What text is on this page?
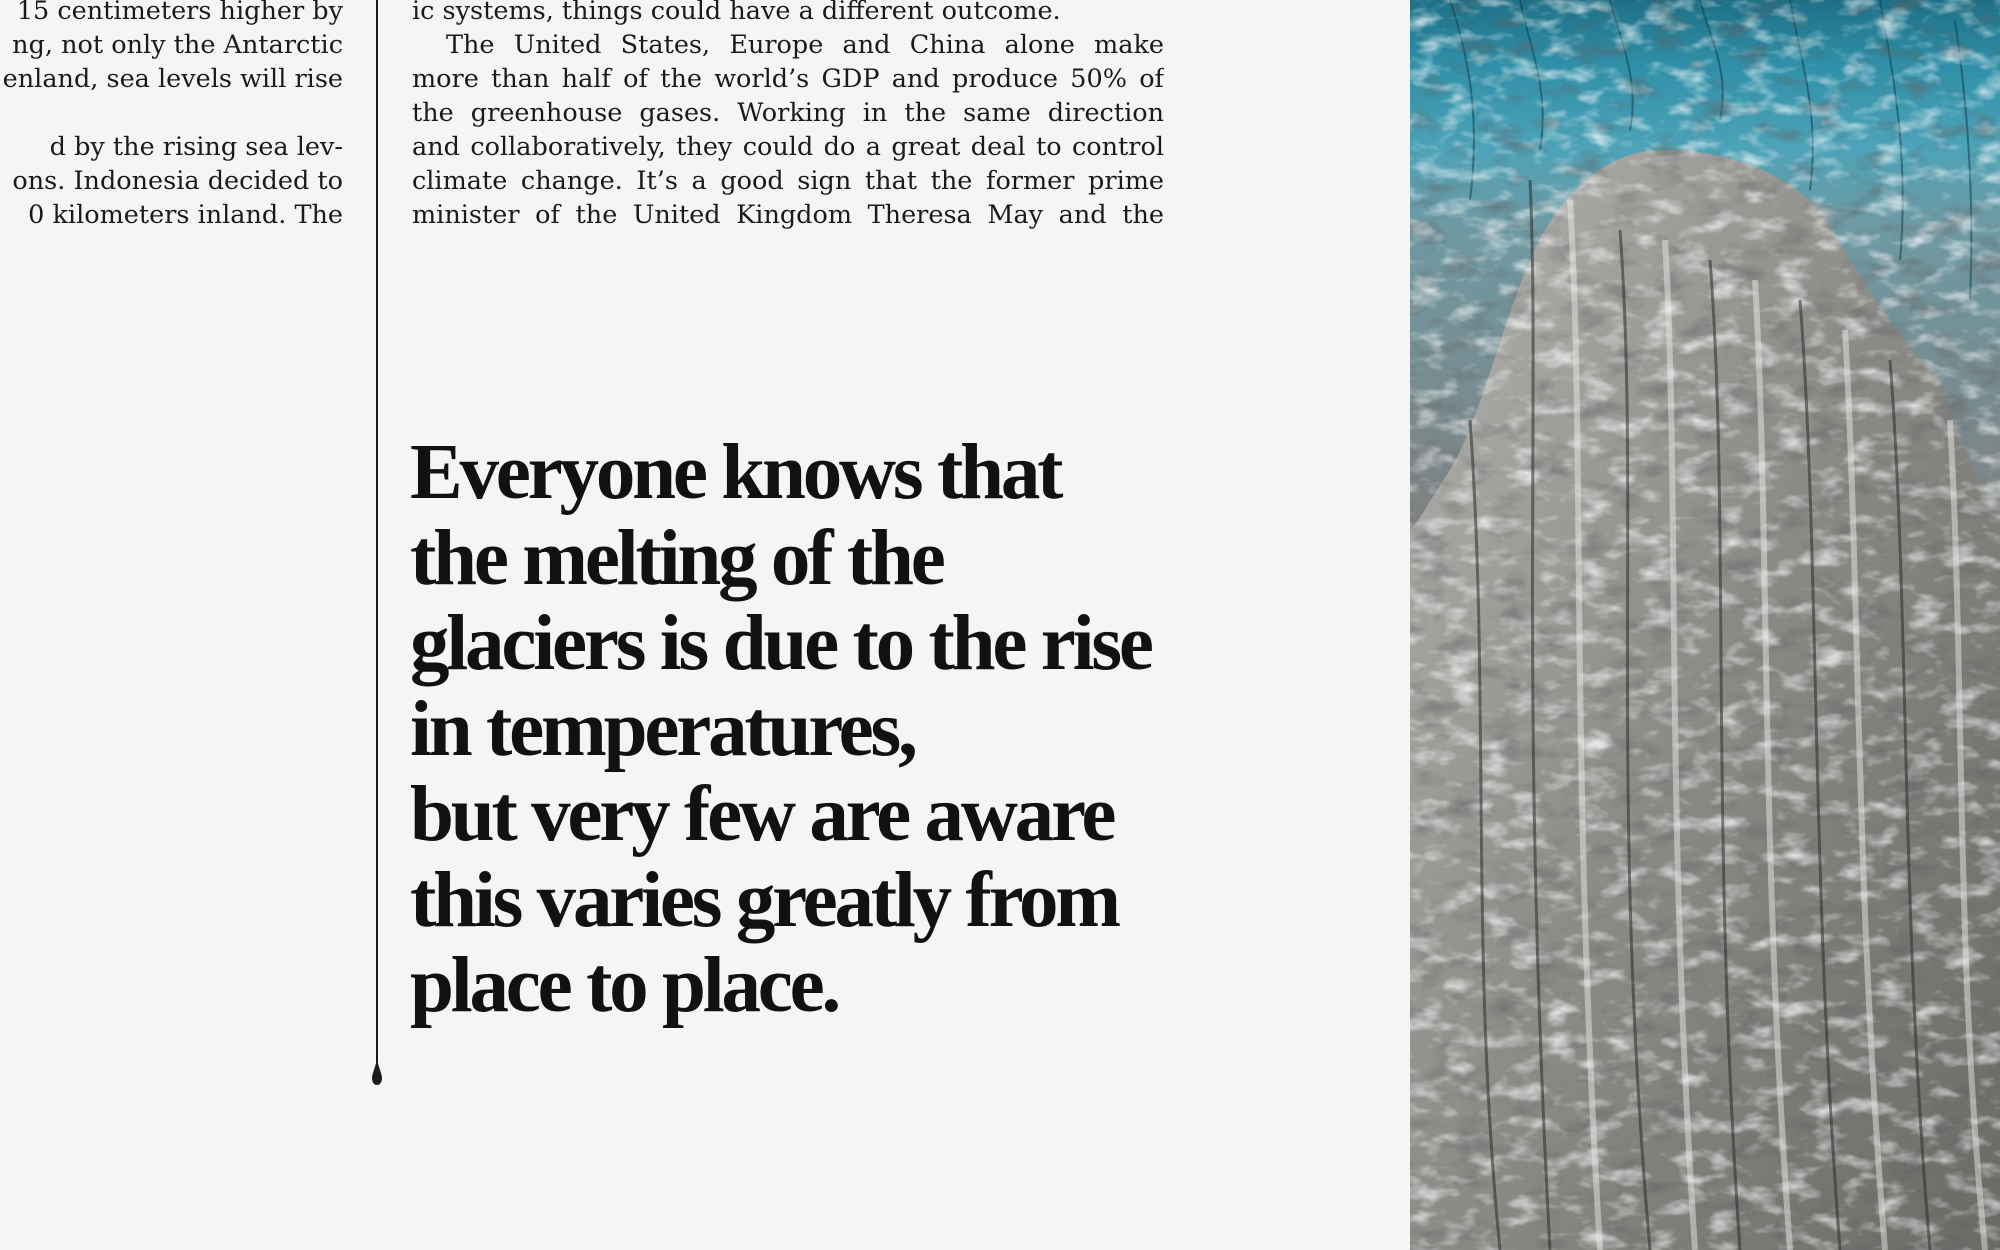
15 centimeters higher by
ng, not only the Antarctic
enland, sea levels will rise
d by the rising sea lev-
ons. Indonesia decided to
0 kilometers inland. The
ic systems, things could have a different outcome.
The United States, Europe and China alone make
more than half of the world’s GDP and produce 50% of
the greenhouse gases. Working in the same direction
and collaboratively, they could do a great deal to control
climate change. It’s a good sign that the former prime
minister of the United Kingdom Theresa May and the
Everyone knows that
the melting of the
glaciers is due to the rise
in temperatures,
but very few are aware
this varies greatly from
place to place.
